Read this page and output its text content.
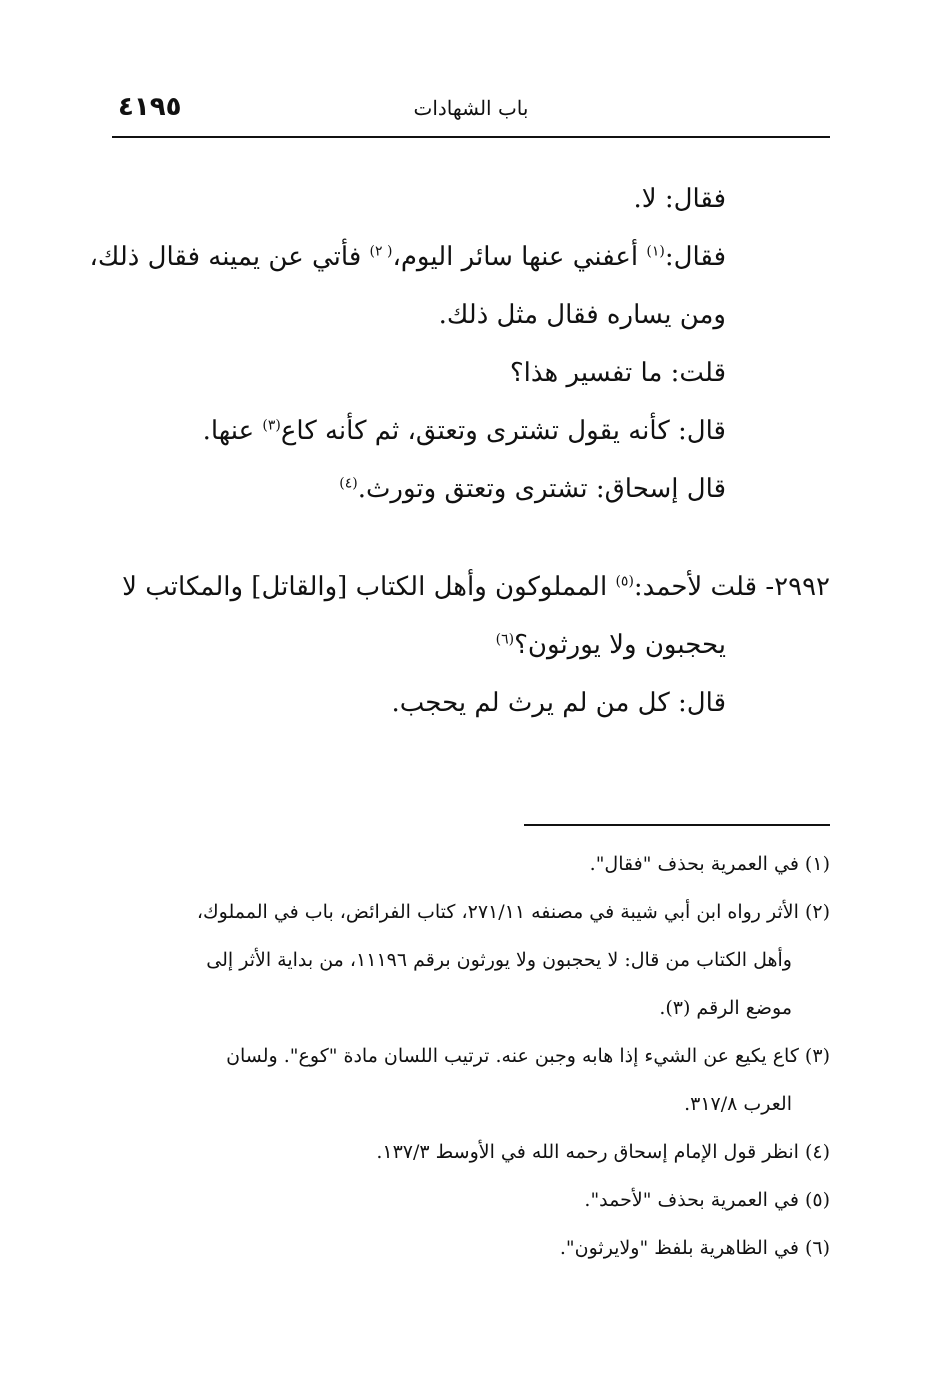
٤١٩٥	باب الشهادات
فقال: لا.
فقال:$^{(١)}$ أعفني عنها سائر اليوم،$^{( ٢)}$ فأتي عن يمينه فقال ذلك،
ومن يساره فقال مثل ذلك.
قلت: ما تفسير هذا؟
قال: كأنه يقول تشترى وتعتق، ثم كأنه كاع$^{(٣)}$ عنها.
قال إسحاق: تشترى وتعتق وتورث.$^{(٤)}$
٢٩٩٢- قلت لأحمد:$^{(٥)}$ المملوكون وأهل الكتاب [والقاتل] والمكاتب لا
يحجبون ولا يورثون؟$^{(٦)}$
قال: كل من لم يرث لم يحجب.
(١) في العمرية بحذف "فقال".
(٢) الأثر رواه ابن أبي شيبة في مصنفه ٢٧١/١١، كتاب الفرائض، باب في المملوك،
وأهل الكتاب من قال: لا يحجبون ولا يورثون برقم ١١١٩٦، من بداية الأثر إلى
موضع الرقم (٣).
(٣) كاع يكيع عن الشيء إذا هابه وجبن عنه. ترتيب اللسان مادة "كوع". ولسان
العرب ٣١٧/٨.
(٤) انظر قول الإمام إسحاق رحمه الله في الأوسط ١٣٧/٣.
(٥) في العمرية بحذف "لأحمد".
(٦) في الظاهرية بلفظ "ولايرثون".
